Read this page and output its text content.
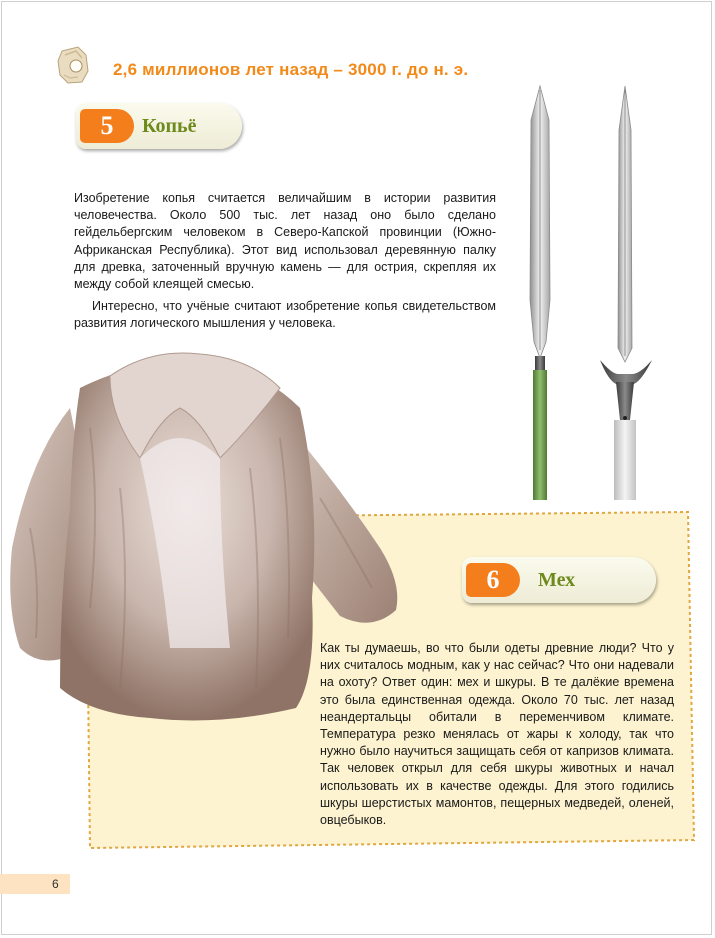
2,6 миллионов лет назад – 3000 г. до н. э.
5	Копьё
Изобретение копья считается величайшим в истории развития человечества. Около 500 тыс. лет назад оно было сделано гейдельбергским человеком в Северо-Капской провинции (Южно-Африканская Республика). Этот вид использовал деревянную палку для древка, заточенный вручную камень — для острия, скрепляя их между собой клеящей смесью.
Интересно, что учёные считают изобретение копья свидетельством развития логического мышления у человека.
6	Мех
Как ты думаешь, во что были одеты древние люди? Что у них считалось модным, как у нас сейчас? Что они надевали на охоту? Ответ один: мех и шкуры. В те далёкие времена это была единственная одежда. Около 70 тыс. лет назад неандертальцы обитали в переменчивом климате. Температура резко менялась от жары к холоду, так что нужно было научиться защищать себя от капризов климата. Так человек открыл для себя шкуры животных и начал использовать их в качестве одежды. Для этого годились шкуры шерстистых мамонтов, пещерных медведей, оленей, овцебыков.
6
